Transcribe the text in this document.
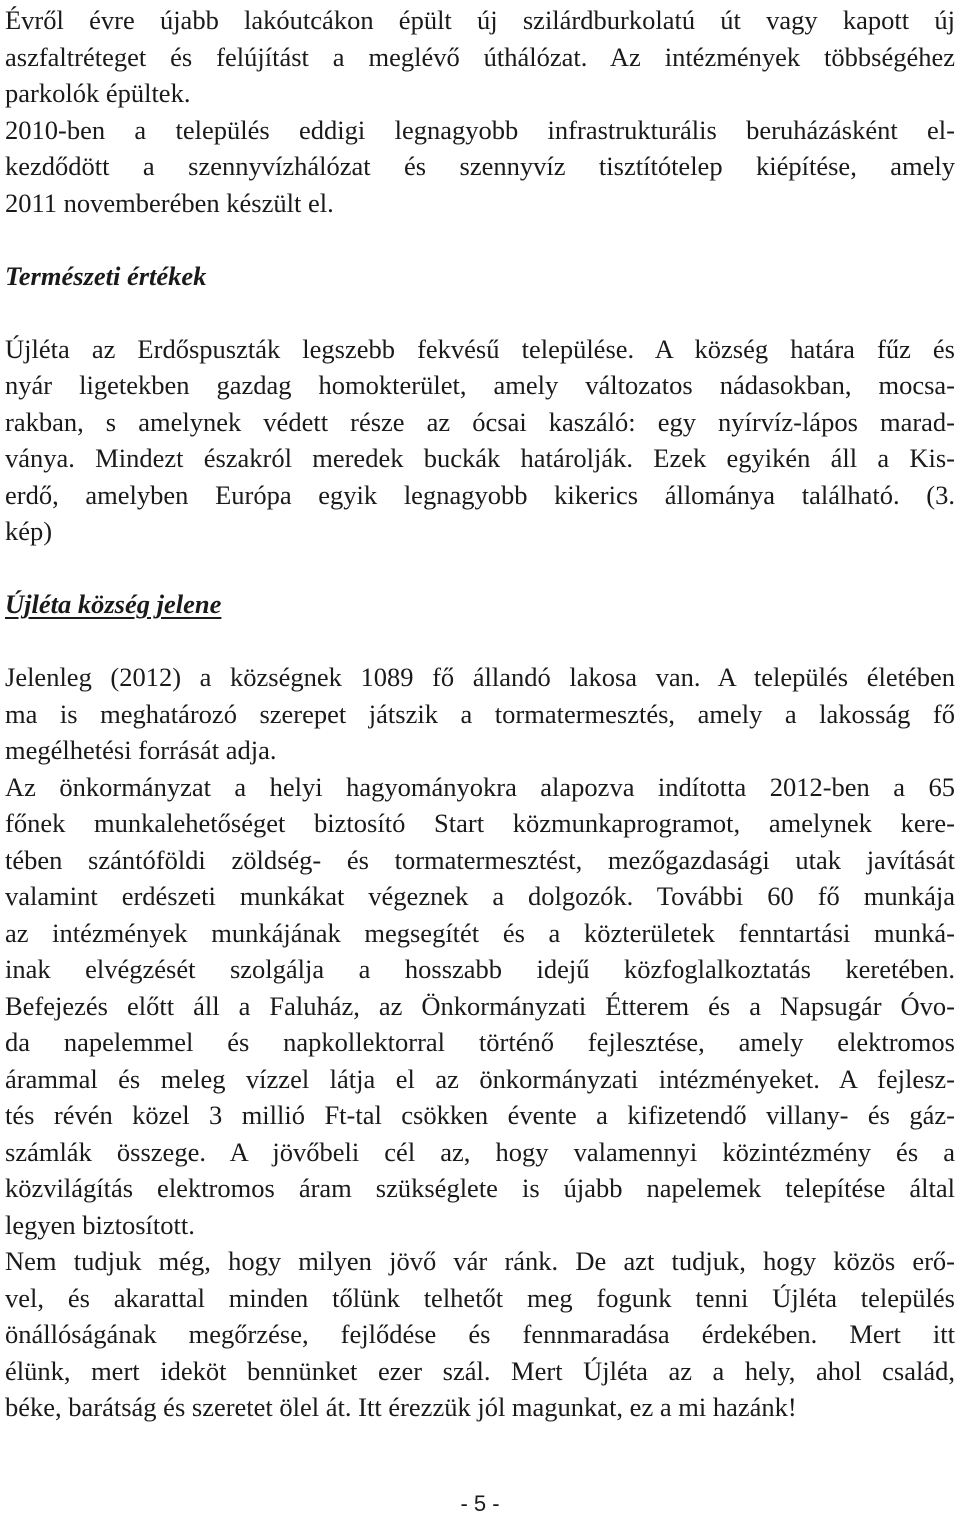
Évről évre újabb lakóutcákon épült új szilárdburkolatú út vagy kapott új
aszfaltréteget és felújítást a meglévő úthálózat. Az intézmények többségéhez
parkolók épültek.
2010-ben a település eddigi legnagyobb infrastrukturális beruházásként el-
kezdődött a szennyvízhálózat és szennyvíz tisztítótelep kiépítése, amely
2011 novemberében készült el.
Természeti értékek
Újléta az Erdőspuszták legszebb fekvésű települése. A község határa fűz és
nyár ligetekben gazdag homokterület, amely változatos nádasokban, mocsa-
rakban, s amelynek védett része az ócsai kaszáló: egy nyírvíz-lápos marad-
ványa. Mindezt északról meredek buckák határolják. Ezek egyikén áll a Kis-
erdő, amelyben Európa egyik legnagyobb kikerics állománya található. (3.
kép)
Újléta község jelene
Jelenleg (2012) a községnek 1089 fő állandó lakosa van. A település életében
ma is meghatározó szerepet játszik a tormatermesztés, amely a lakosság fő
megélhetési forrását adja.
Az önkormányzat a helyi hagyományokra alapozva indította 2012-ben a 65
főnek munkalehetőséget biztosító Start közmunkaprogramot, amelynek kere-
tében szántóföldi zöldség- és tormatermesztést, mezőgazdasági utak javítását
valamint erdészeti munkákat végeznek a dolgozók. További 60 fő munkája
az intézmények munkájának megsegítét és a közterületek fenntartási munká-
inak elvégzését szolgálja a hosszabb idejű közfoglalkoztatás keretében.
Befejezés előtt áll a Faluház, az Önkormányzati Étterem és a Napsugár Óvo-
da napelemmel és napkollektorral történő fejlesztése, amely elektromos
árammal és meleg vízzel látja el az önkormányzati intézményeket. A fejlesz-
tés révén közel 3 millió Ft-tal csökken évente a kifizetendő villany- és gáz-
számlák összege. A jövőbeli cél az, hogy valamennyi közintézmény és a
közvilágítás elektromos áram szükséglete is újabb napelemek telepítése által
legyen biztosított.
Nem tudjuk még, hogy milyen jövő vár ránk. De azt tudjuk, hogy közös erő-
vel, és akarattal minden tőlünk telhetőt meg fogunk tenni Újléta település
önállóságának megőrzése, fejlődése és fennmaradása érdekében. Mert itt
élünk, mert ideköt bennünket ezer szál. Mert Újléta az a hely, ahol család,
béke, barátság és szeretet ölel át. Itt érezzük jól magunkat, ez a mi hazánk!
- 5 -
